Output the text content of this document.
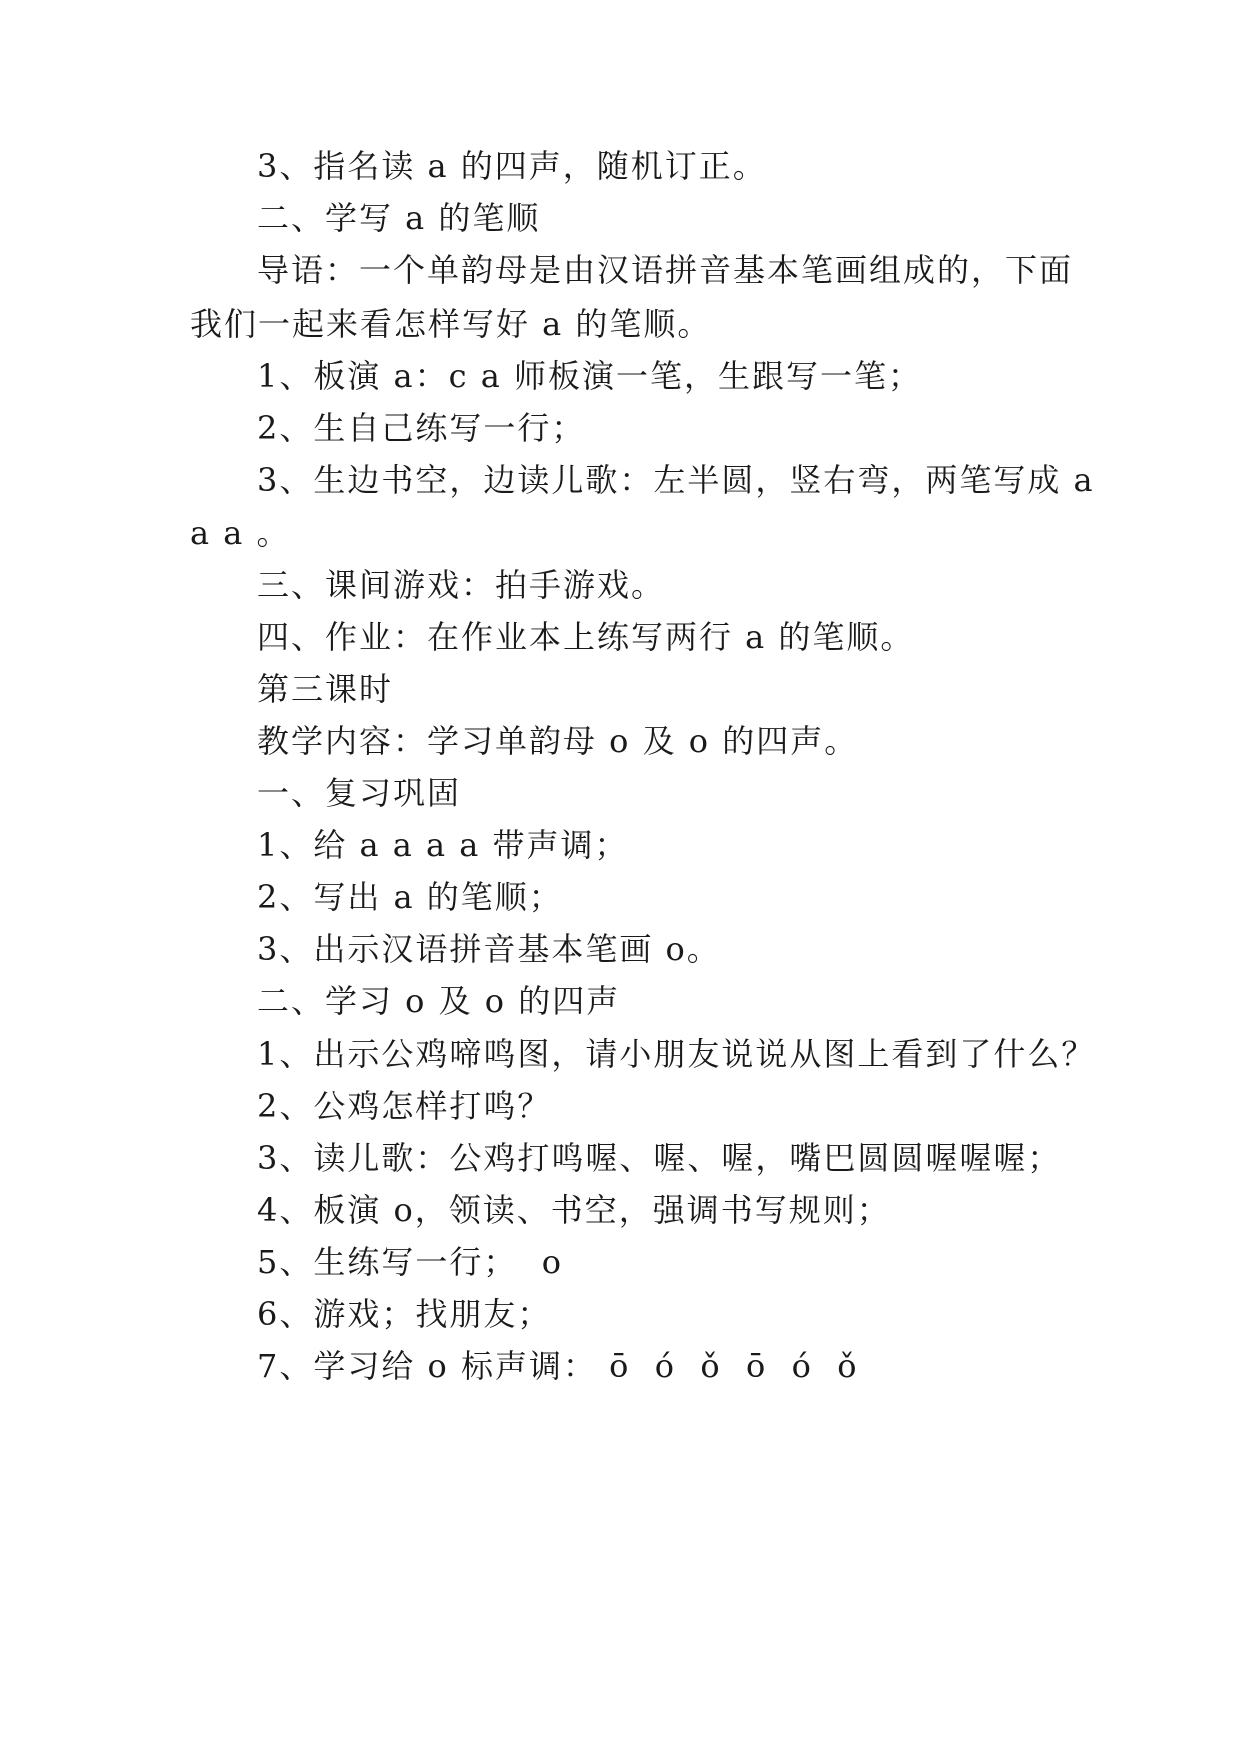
3、指名读 a 的四声，随机订正。

二、学写 a 的笔顺

导语：一个单韵母是由汉语拼音基本笔画组成的，下面

我们一起来看怎样写好 a 的笔顺。

1、板演 a：c a 师板演一笔，生跟写一笔；

2、生自己练写一行；

3、生边书空，边读儿歌：左半圆，竖右弯，两笔写成 a

a a 。

三、课间游戏：拍手游戏。

四、作业：在作业本上练写两行 a 的笔顺。

第三课时

教学内容：学习单韵母 o 及 o 的四声。

一、复习巩固

1、给 a a a a 带声调；

2、写出 a 的笔顺；

3、出示汉语拼音基本笔画 o。

二、学习 o 及 o 的四声

1、出示公鸡啼鸣图，请小朋友说说从图上看到了什么？

2、公鸡怎样打鸣？

3、读儿歌：公鸡打鸣喔、喔、喔，嘴巴圆圆喔喔喔；

4、板演 o，领读、书空，强调书写规则；

5、生练写一行；  o

6、游戏；找朋友；

7、学习给 o 标声调： ō  ó  ǒ  ō  ó  ǒ
